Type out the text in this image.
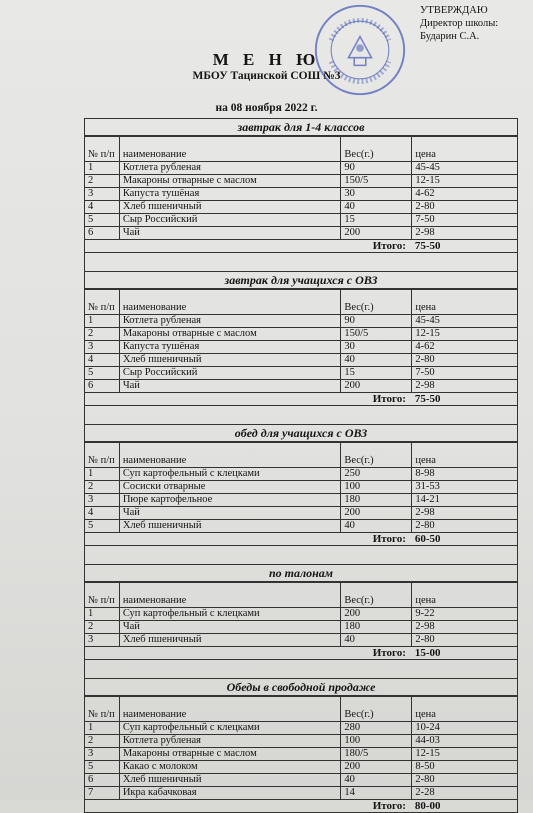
УТВЕРЖДАЮ
Директор школы:
Бударин С.А.
М Е Н Ю
МБОУ Тацинской СОШ №3
на 08 ноября 2022 г.
завтрак для 1-4 классов
№ п/п	наименование	Вес(г.)	цена
1	Котлета рубленая	90	45-45
2	Макароны отварные с маслом	150/5	12-15
3	Капуста тушёная	30	4-62
4	Хлеб пшеничный	40	2-80
5	Сыр Российский	15	7-50
6	Чай	200	2-98
Итого:			75-50
завтрак для учащихся с ОВЗ
№ п/п	наименование	Вес(г.)	цена
1	Котлета рубленая	90	45-45
2	Макароны отварные с маслом	150/5	12-15
3	Капуста тушёная	30	4-62
4	Хлеб пшеничный	40	2-80
5	Сыр Российский	15	7-50
6	Чай	200	2-98
Итого:			75-50
обед для учащихся с ОВЗ
№ п/п	наименование	Вес(г.)	цена
1	Суп картофельный с клецками	250	8-98
2	Сосиски отварные	100	31-53
3	Пюре картофельное	180	14-21
4	Чай	200	2-98
5	Хлеб пшеничный	40	2-80
Итого:			60-50
по талонам
№ п/п	наименование	Вес(г.)	цена
1	Суп картофельный с клецками	200	9-22
2	Чай	180	2-98
3	Хлеб пшеничный	40	2-80
Итого:			15-00
Обеды в свободной продаже
№ п/п	наименование	Вес(г.)	цена
1	Суп картофельный с клецками	280	10-24
2	Котлета рубленая	100	44-03
3	Макароны отварные с маслом	180/5	12-15
5	Какао с молоком	200	8-50
6	Хлеб пшеничный	40	2-80
7	Икра кабачковая	14	2-28
Итого:			80-00
